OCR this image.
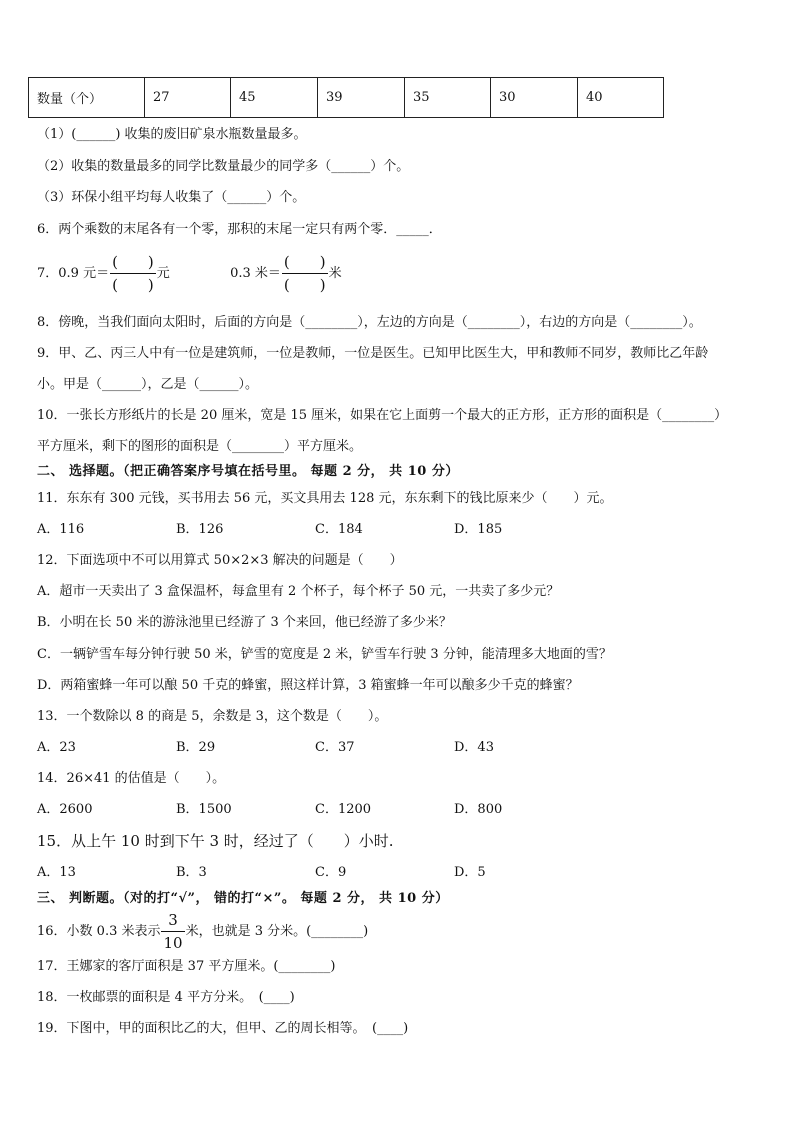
数量（个）	27	45	39	35	30	40
（1）(______) 收集的废旧矿泉水瓶数量最多。
（2）收集的数量最多的同学比数量最少的同学多（______）个。
（3）环保小组平均每人收集了（______）个。
6．两个乘数的末尾各有一个零，那积的末尾一定只有两个零．_____．
7．0.9 元＝ $\frac{( )}{( )}$ 元	0.3 米＝ $\frac{( )}{( )}$ 米
8．傍晚，当我们面向太阳时，后面的方向是（________），左边的方向是（________），右边的方向是（________）。
9．甲、乙、丙三人中有一位是建筑师，一位是教师，一位是医生。已知甲比医生大，甲和教师不同岁，教师比乙年龄
小。甲是（______），乙是（______）。
10．一张长方形纸片的长是 20 厘米，宽是 15 厘米，如果在它上面剪一个最大的正方形，正方形的面积是（________）
平方厘米，剩下的图形的面积是（________）平方厘米。
二、 选择题。（把正确答案序号填在括号里。 每题 2 分， 共 10 分）
11．东东有 300 元钱，买书用去 56 元，买文具用去 128 元，东东剩下的钱比原来少（　　）元。
A．116	B．126	C．184	D．185
12．下面选项中不可以用算式 50×2×3 解决的问题是（　　）
A．超市一天卖出了 3 盒保温杯，每盒里有 2 个杯子，每个杯子 50 元，一共卖了多少元？
B．小明在长 50 米的游泳池里已经游了 3 个来回，他已经游了多少米？
C．一辆铲雪车每分钟行驶 50 米，铲雪的宽度是 2 米，铲雪车行驶 3 分钟，能清理多大地面的雪？
D．两箱蜜蜂一年可以酿 50 千克的蜂蜜，照这样计算，3 箱蜜蜂一年可以酿多少千克的蜂蜜？
13．一个数除以 8 的商是 5，余数是 3，这个数是（　　）。
A．23	B．29	C．37	D．43
14．26×41 的估值是（　　）。
A．2600	B．1500	C．1200	D．800
15．从上午 10 时到下午 3 时，经过了（　　）小时.
A．13	B．3	C．9	D．5
三、 判断题。（对的打“√”， 错的打“×”。 每题 2 分， 共 10 分）
16．小数 0.3 米表示 $\frac{3}{10}$ 米，也就是 3 分米。(________)
17．王娜家的客厅面积是 37 平方厘米。(________)
18．一枚邮票的面积是 4 平方分米。　(____)
19．下图中，甲的面积比乙的大，但甲、乙的周长相等。　(____)
